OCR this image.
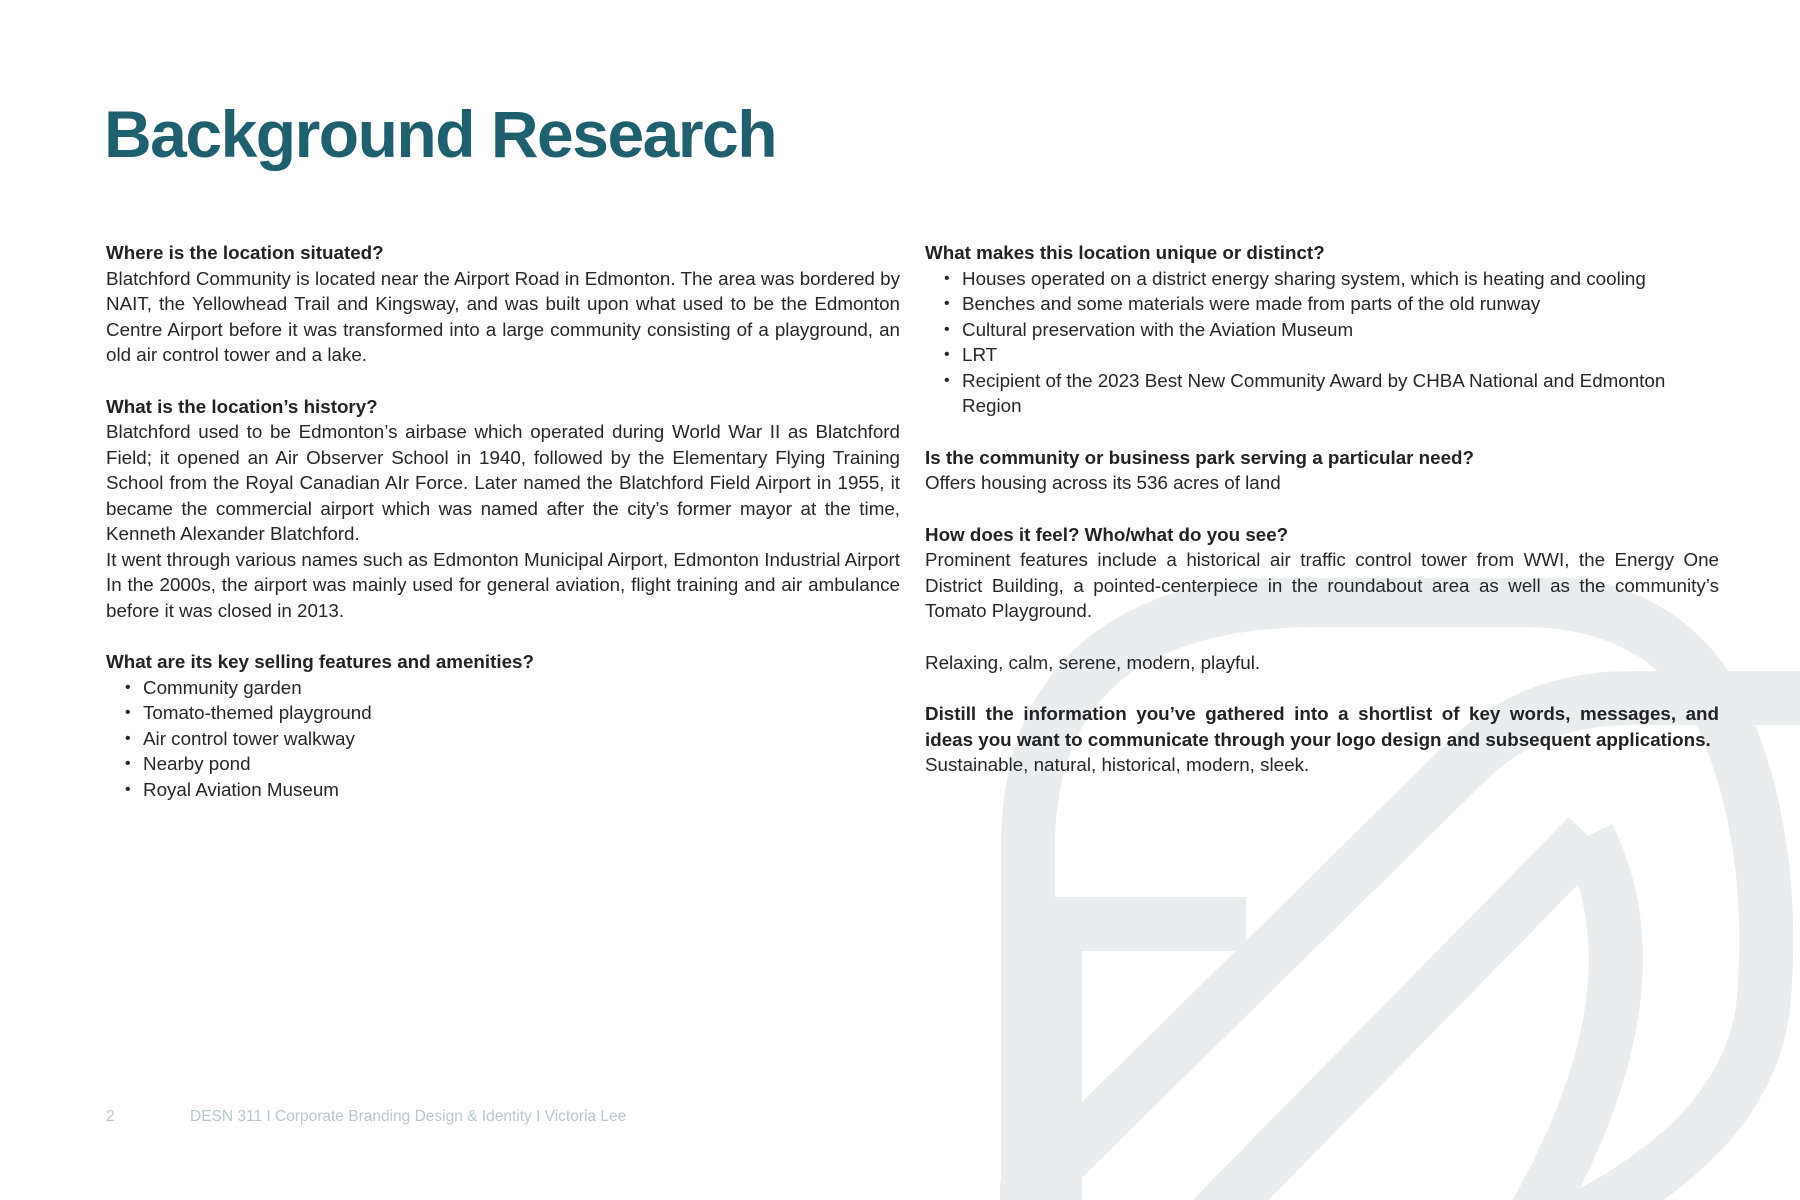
Background Research
Where is the location situated?

Blatchford Community is located near the Airport Road in Edmonton. The area was bordered by NAIT, the Yellowhead Trail and Kingsway, and was built upon what used to be the Edmonton Centre Airport before it was transformed into a large community consisting of a playground, an old air control tower and a lake.

What is the location’s history?

Blatchford used to be Edmonton’s airbase which operated during World War II as Blatchford Field; it opened an Air Observer School in 1940, followed by the Elementary Flying Training School from the Royal Canadian AIr Force. Later named the Blatchford Field Airport in 1955, it became the commercial airport which was named after the city’s former mayor at the time, Kenneth Alexander Blatchford.

It went through various names such as Edmonton Municipal Airport, Edmonton Industrial Airport In the 2000s, the airport was mainly used for general aviation, flight training and air ambulance before it was closed in 2013.

What are its key selling features and amenities?
• Community garden
• Tomato-themed playground
• Air control tower walkway
• Nearby pond
• Royal Aviation Museum
What makes this location unique or distinct?
• Houses operated on a district energy sharing system, which is heating and cooling
• Benches and some materials were made from parts of the old runway
• Cultural preservation with the Aviation Museum
• LRT
• Recipient of the 2023 Best New Community Award by CHBA National and Edmonton Region
Is the community or business park serving a particular need?

Offers housing across its 536 acres of land

How does it feel? Who/what do you see?

Prominent features include a historical air traffic control tower from WWI, the Energy One District Building, a pointed-centerpiece in the roundabout area as well as the community’s Tomato Playground.

Relaxing, calm, serene, modern, playful.

Distill the information you’ve gathered into a shortlist of key words, messages, and ideas you want to communicate through your logo design and subsequent applications.

Sustainable, natural, historical, modern, sleek.

2	DESN 311 I Corporate Branding Design & Identity I Victoria Lee
